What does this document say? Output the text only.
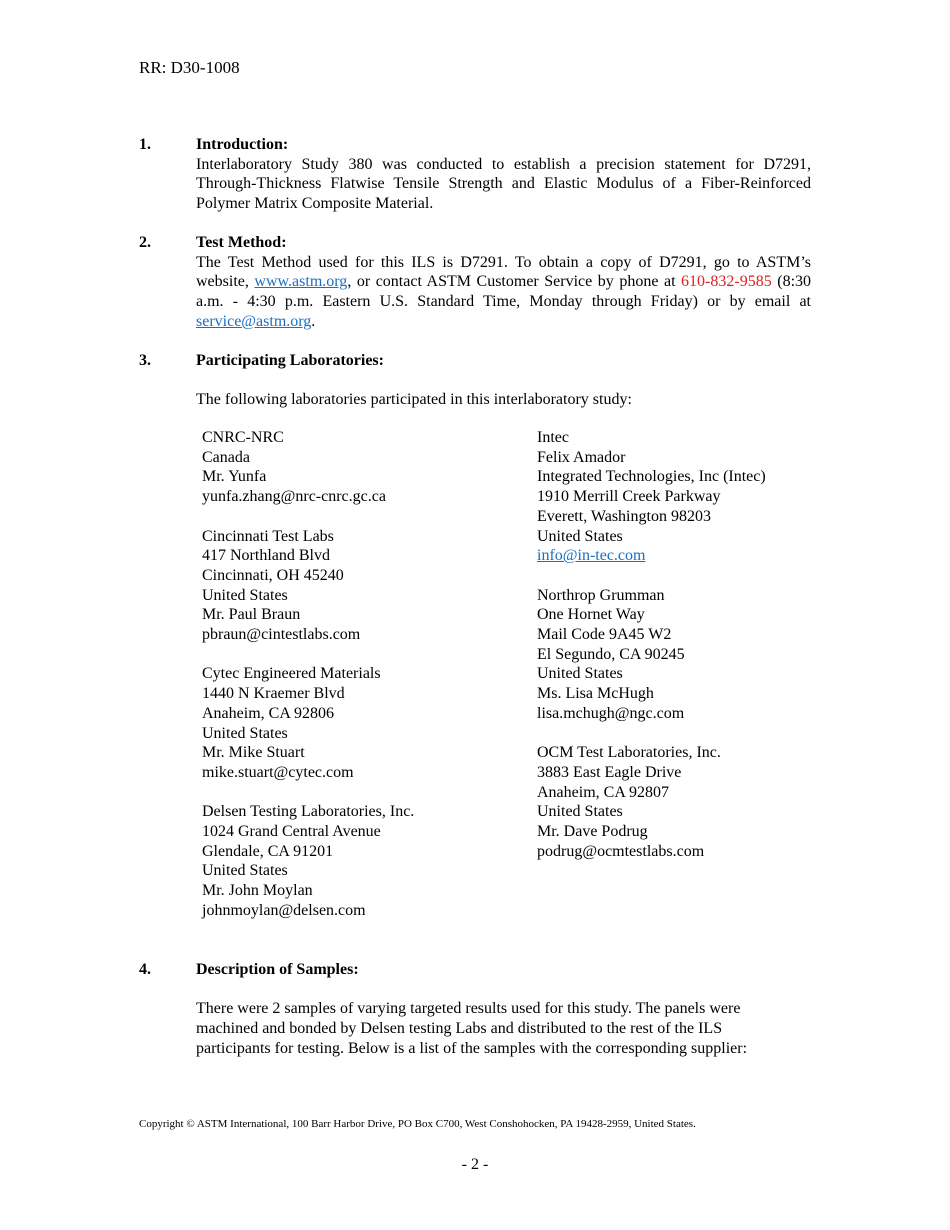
RR: D30-1008
1.	Introduction:
Interlaboratory Study 380 was conducted to establish a precision statement for D7291, Through-Thickness Flatwise Tensile Strength and Elastic Modulus of a Fiber-Reinforced Polymer Matrix Composite Material.
2.	Test Method:
The Test Method used for this ILS is D7291. To obtain a copy of D7291, go to ASTM’s website, www.astm.org, or contact ASTM Customer Service by phone at 610-832-9585 (8:30 a.m. - 4:30 p.m. Eastern U.S. Standard Time, Monday through Friday) or by email at service@astm.org.
3.	Participating Laboratories:
The following laboratories participated in this interlaboratory study:
CNRC-NRC
Canada
Mr. Yunfa
yunfa.zhang@nrc-cnrc.gc.ca
Cincinnati Test Labs
417 Northland Blvd
Cincinnati, OH 45240
United States
Mr. Paul Braun
pbraun@cintestlabs.com
Cytec Engineered Materials
1440 N Kraemer Blvd
Anaheim, CA 92806
United States
Mr. Mike Stuart
mike.stuart@cytec.com
Delsen Testing Laboratories, Inc.
1024 Grand Central Avenue
Glendale, CA 91201
United States
Mr. John Moylan
johnmoylan@delsen.com
Intec
Felix Amador
Integrated Technologies, Inc (Intec)
1910 Merrill Creek Parkway
Everett, Washington 98203
United States
info@in-tec.com
Northrop Grumman
One Hornet Way
Mail Code 9A45 W2
El Segundo, CA 90245
United States
Ms. Lisa McHugh
lisa.mchugh@ngc.com
OCM Test Laboratories, Inc.
3883 East Eagle Drive
Anaheim, CA 92807
United States
Mr. Dave Podrug
podrug@ocmtestlabs.com
4.	Description of Samples:
There were 2 samples of varying targeted results used for this study. The panels were machined and bonded by Delsen testing Labs and distributed to the rest of the ILS participants for testing. Below is a list of the samples with the corresponding supplier:
Copyright © ASTM International, 100 Barr Harbor Drive, PO Box C700, West Conshohocken, PA 19428-2959, United States.
- 2 -
